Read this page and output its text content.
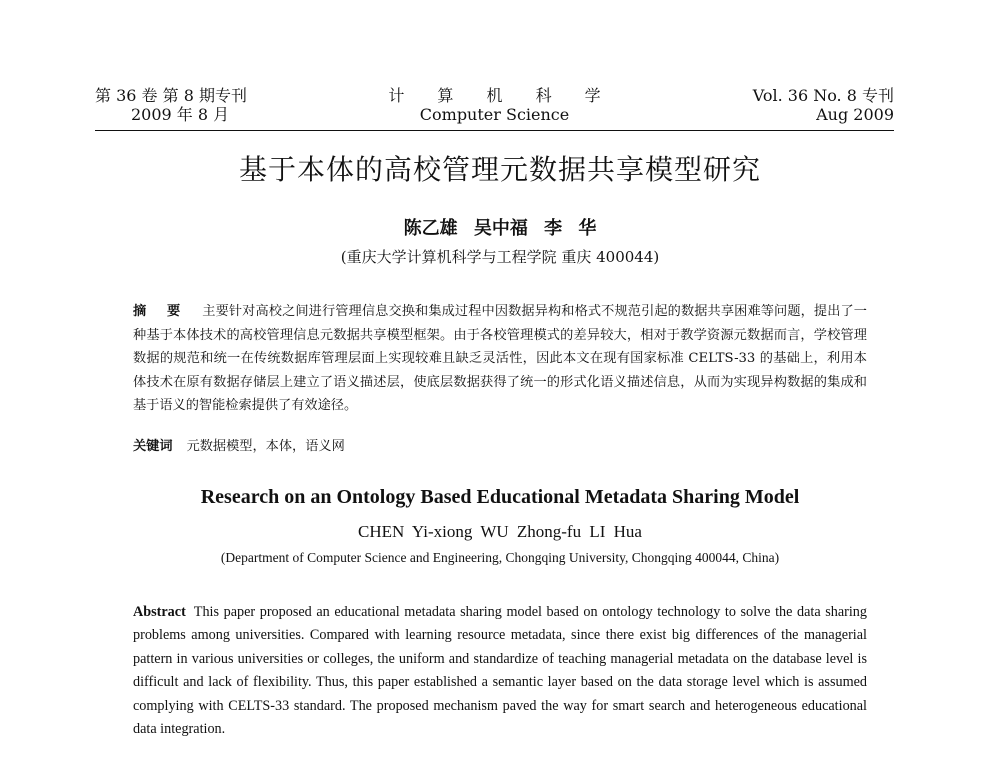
第 36 卷 第 8 期专刊
2009 年 8 月
计 算 机 科 学
Computer Science
Vol. 36 No. 8 专刊
Aug 2009
基于本体的高校管理元数据共享模型研究
陈乙雄 吴中福 李 华
(重庆大学计算机科学与工程学院 重庆 400044)
摘 要 主要针对高校之间进行管理信息交换和集成过程中因数据异构和格式不规范引起的数据共享困难等问题，提出了一种基于本体技术的高校管理信息元数据共享模型框架。由于各校管理模式的差异较大，相对于教学资源元数据而言，学校管理数据的规范和统一在传统数据库管理层面上实现较难且缺乏灵活性，因此本文在现有国家标准 CELTS-33 的基础上，利用本体技术在原有数据存储层上建立了语义描述层，使底层数据获得了统一的形式化语义描述信息，从而为实现异构数据的集成和基于语义的智能检索提供了有效途径。
关键词 元数据模型，本体，语义网
Research on an Ontology Based Educational Metadata Sharing Model
CHEN Yi-xiong WU Zhong-fu LI Hua
(Department of Computer Science and Engineering, Chongqing University, Chongqing 400044, China)
Abstract This paper proposed an educational metadata sharing model based on ontology technology to solve the data sharing problems among universities. Compared with learning resource metadata, since there exist big differences of the managerial pattern in various universities or colleges, the uniform and standardize of teaching managerial metadata on the database level is difficult and lack of flexibility. Thus, this paper established a semantic layer based on the data storage level which is assumed complying with CELTS-33 standard. The proposed mechanism paved the way for smart search and heterogeneous educational data integration.
